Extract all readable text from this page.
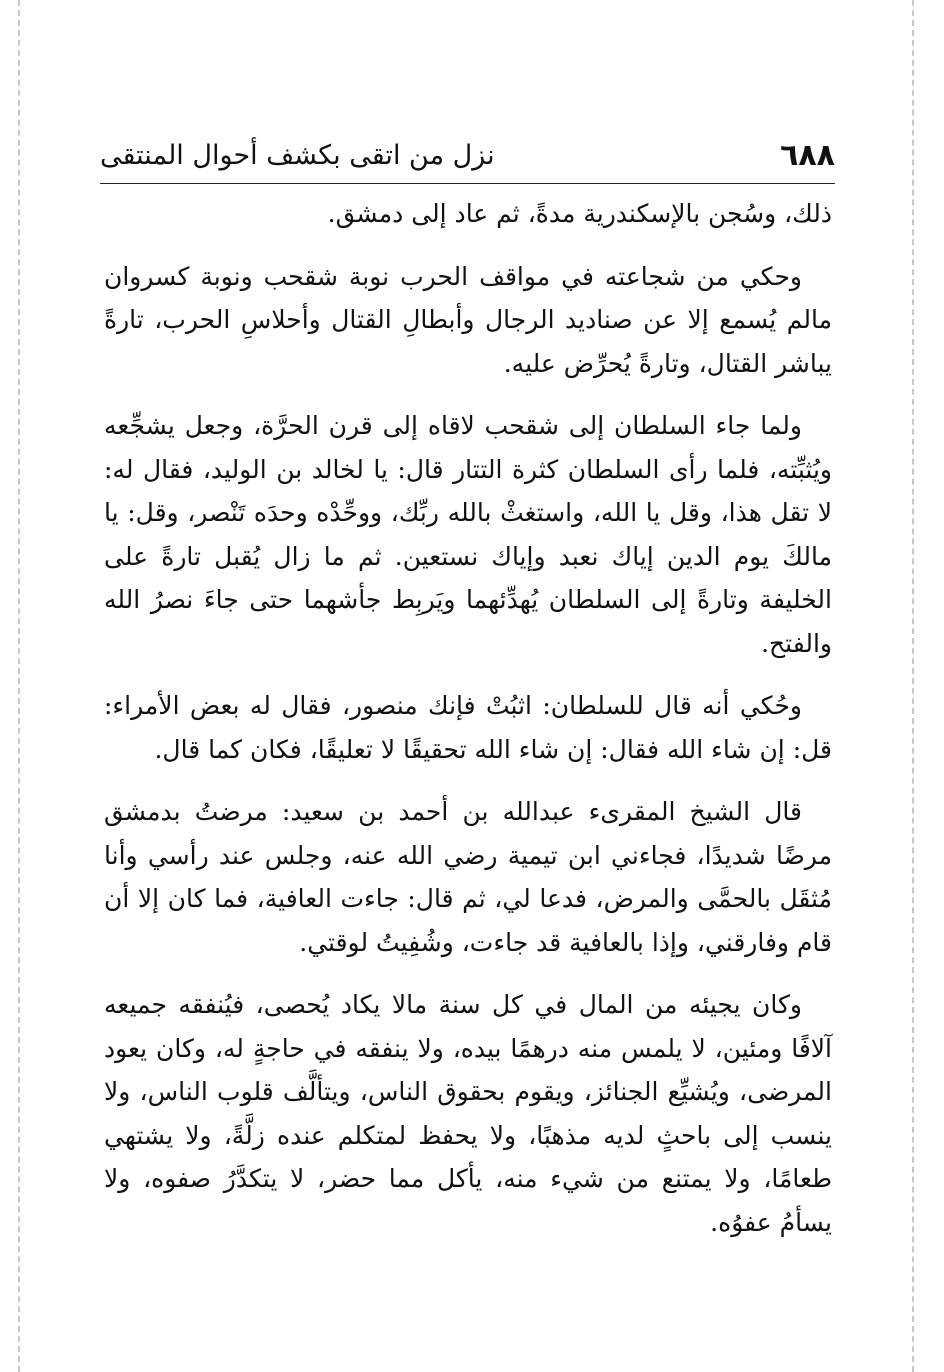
٦٨٨
نزل من اتقى بكشف أحوال المنتقى

ذلك، وسُجن بالإسكندرية مدةً، ثم عاد إلى دمشق.

وحكي من شجاعته في مواقف الحرب نوبة شقحب ونوبة كسروان مالم يُسمع إلا عن صناديد الرجال وأبطالِ القتال وأحلاسِ الحرب، تارةً يباشر القتال، وتارةً يُحرِّض عليه.

ولما جاء السلطان إلى شقحب لاقاه إلى قرن الحرَّة، وجعل يشجِّعه ويُثبِّته، فلما رأى السلطان كثرة التتار قال: يا لخالد بن الوليد، فقال له: لا تقل هذا، وقل يا الله، واستغثْ بالله ربِّك، ووحِّدْه وحدَه تَنْصر، وقل: يا مالكَ يوم الدين إياك نعبد وإياك نستعين. ثم ما زال يُقبل تارةً على الخليفة وتارةً إلى السلطان يُهدِّئهما ويَربِط جأشهما حتى جاءَ نصرُ الله والفتح.

وحُكي أنه قال للسلطان: اثبُتْ فإنك منصور، فقال له بعض الأمراء: قل: إن شاء الله فقال: إن شاء الله تحقيقًا لا تعليقًا، فكان كما قال.

قال الشيخ المقرىء عبدالله بن أحمد بن سعيد: مرضتُ بدمشق مرضًا شديدًا، فجاءني ابن تيمية رضي الله عنه، وجلس عند رأسي وأنا مُثقَل بالحمَّى والمرض، فدعا لي، ثم قال: جاءت العافية، فما كان إلا أن قام وفارقني، وإذا بالعافية قد جاءت، وشُفِيتُ لوقتي.

وكان يجيئه من المال في كل سنة مالا يكاد يُحصى، فيُنفقه جميعه آلافًا ومئين، لا يلمس منه درهمًا بيده، ولا ينفقه في حاجةٍ له، وكان يعود المرضى، ويُشيِّع الجنائز، ويقوم بحقوق الناس، ويتألَّف قلوب الناس، ولا ينسب إلى باحثٍ لديه مذهبًا، ولا يحفظ لمتكلم عنده زلَّةً، ولا يشتهي طعامًا، ولا يمتنع من شيء منه، يأكل مما حضر، لا يتكدَّرُ صفوه، ولا يسأمُ عفوُه.
